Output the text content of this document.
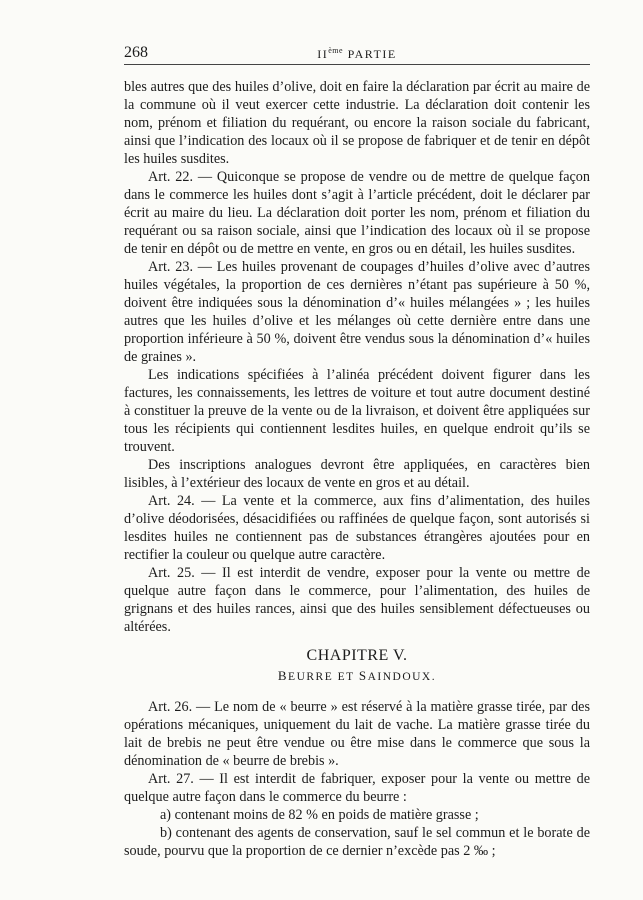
268	IIème PARTIE

bles autres que des huiles d’olive, doit en faire la déclaration par écrit au maire de la commune où il veut exercer cette industrie. La déclaration doit contenir les nom, prénom et filiation du requérant, ou encore la raison sociale du fabricant, ainsi que l’indication des locaux où il se propose de fabriquer et de tenir en dépôt les huiles susdites.

Art. 22. — Quiconque se propose de vendre ou de mettre de quelque façon dans le commerce les huiles dont s’agit à l’article précédent, doit le déclarer par écrit au maire du lieu. La déclaration doit porter les nom, prénom et filiation du requérant ou sa raison sociale, ainsi que l’indication des locaux où il se propose de tenir en dépôt ou de mettre en vente, en gros ou en détail, les huiles susdites.

Art. 23. — Les huiles provenant de coupages d’huiles d’olive avec d’autres huiles végétales, la proportion de ces dernières n’étant pas supérieure à 50 %, doivent être indiquées sous la dénomination d’« huiles mélangées » ; les huiles autres que les huiles d’olive et les mélanges où cette dernière entre dans une proportion inférieure à 50 %, doivent être vendus sous la dénomination d’« huiles de graines ».

Les indications spécifiées à l’alinéa précédent doivent figurer dans les factures, les connaissements, les lettres de voiture et tout autre document destiné à constituer la preuve de la vente ou de la livraison, et doivent être appliquées sur tous les récipients qui contiennent lesdites huiles, en quelque endroit qu’ils se trouvent.

Des inscriptions analogues devront être appliquées, en caractères bien lisibles, à l’extérieur des locaux de vente en gros et au détail.

Art. 24. — La vente et la commerce, aux fins d’alimentation, des huiles d’olive déodorisées, désacidifiées ou raffinées de quelque façon, sont autorisés si lesdites huiles ne contiennent pas de substances étrangères ajoutées pour en rectifier la couleur ou quelque autre caractère.

Art. 25. — Il est interdit de vendre, exposer pour la vente ou mettre de quelque autre façon dans le commerce, pour l’alimentation, des huiles de grignans et des huiles rances, ainsi que des huiles sensiblement défectueuses ou altérées.

CHAPITRE V.
BEURRE ET SAINDOUX.

Art. 26. — Le nom de « beurre » est réservé à la matière grasse tirée, par des opérations mécaniques, uniquement du lait de vache. La matière grasse tirée du lait de brebis ne peut être vendue ou être mise dans le commerce que sous la dénomination de « beurre de brebis ».

Art. 27. — Il est interdit de fabriquer, exposer pour la vente ou mettre de quelque autre façon dans le commerce du beurre :

a) contenant moins de 82 % en poids de matière grasse ;

b) contenant des agents de conservation, sauf le sel commun et le borate de soude, pourvu que la proportion de ce dernier n’excède pas 2 ‰ ;
